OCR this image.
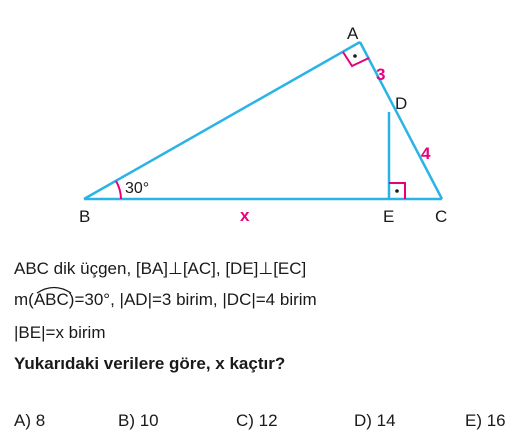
A
D
B	E C
3
4
x
30°
ABC dik üçgen, [BA]⊥[AC], [DE]⊥[EC]
m(
ABC)=30°, |AD|=3 birim, |DC|=4 birim
|BE|=x birim
Yukarıdaki verilere göre, x kaçtır?
A) 8	B) 10	C) 12	D) 14	E) 16
